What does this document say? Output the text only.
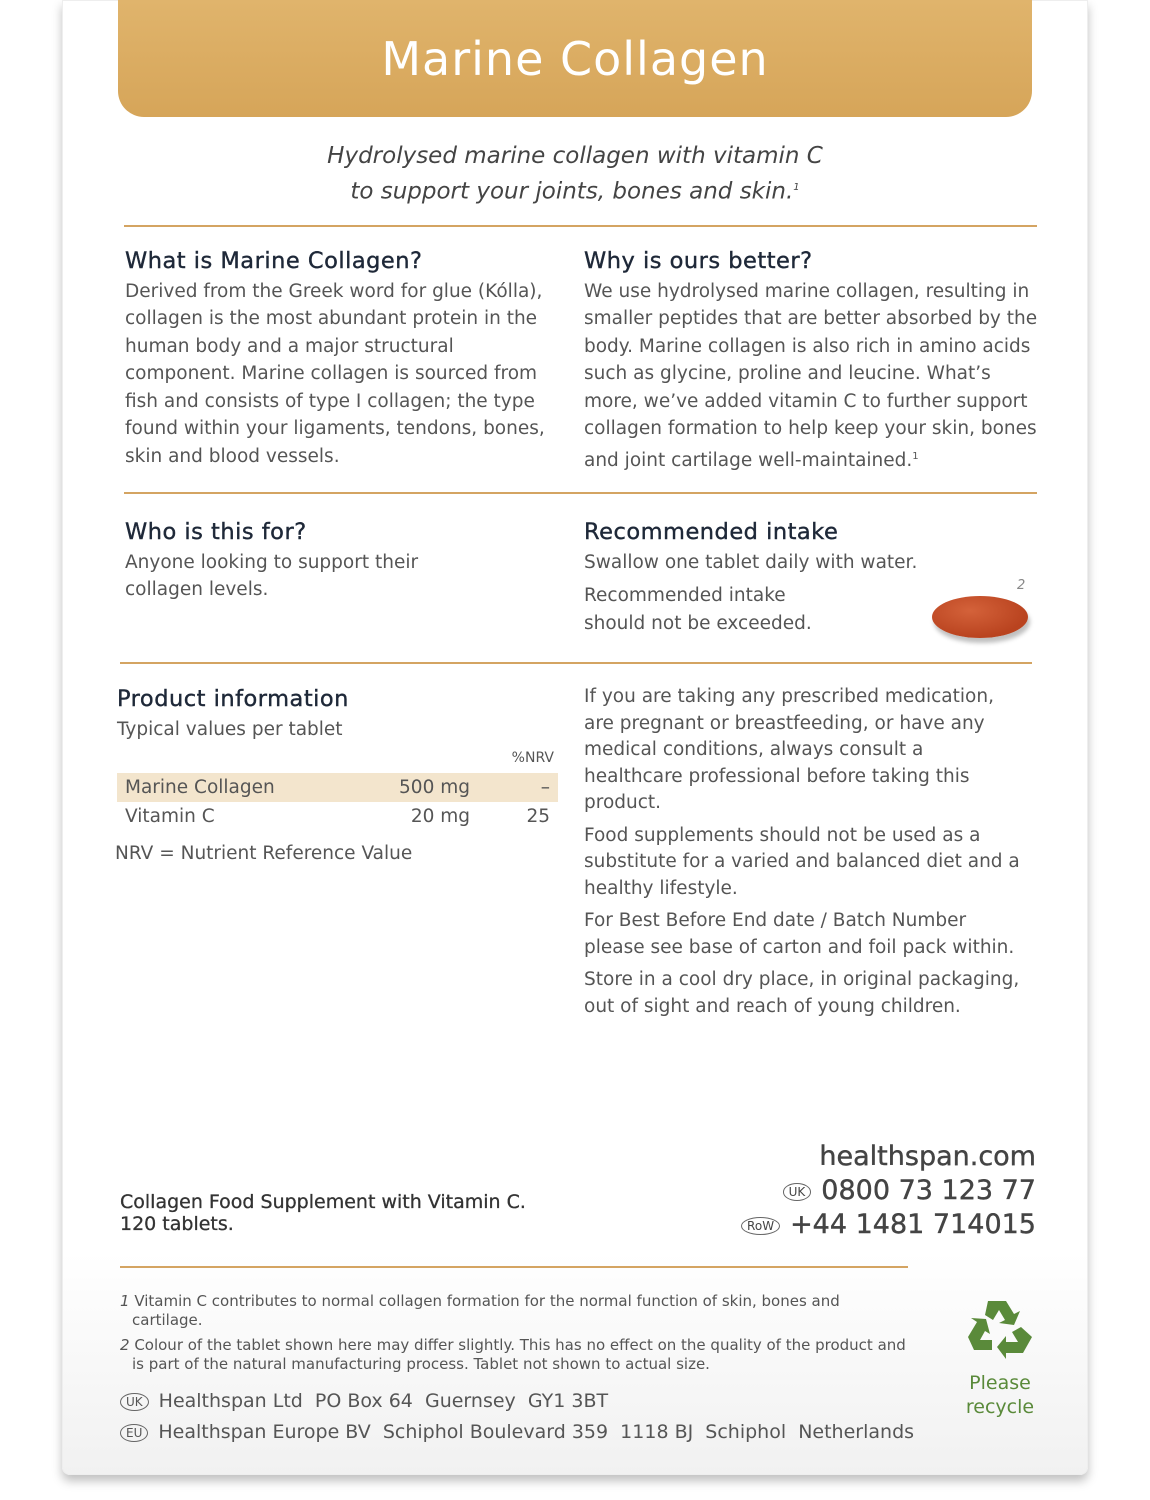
Marine Collagen
Hydrolysed marine collagen with vitamin C
to support your joints, bones and skin.$^1$
What is Marine Collagen?

Derived from the Greek word for glue (Kólla), collagen is the most abundant protein in the human body and a major structural component. Marine collagen is sourced from fish and consists of type I collagen; the type found within your ligaments, tendons, bones, skin and blood vessels.

Why is ours better?

We use hydrolysed marine collagen, resulting in smaller peptides that are better absorbed by the body. Marine collagen is also rich in amino acids such as glycine, proline and leucine. What’s more, we’ve added vitamin C to further support collagen formation to help keep your skin, bones and joint cartilage well-maintained.$^1$

Who is this for?

Anyone looking to support their collagen levels.

Recommended intake

Swallow one tablet daily with water.

Recommended intake should not be exceeded.

2
Product information
Typical values per tablet
%NRV
Marine Collagen	500 mg	–
Vitamin C	20 mg	25
NRV = Nutrient Reference Value

If you are taking any prescribed medication, are pregnant or breastfeeding, or have any medical conditions, always consult a healthcare professional before taking this product.

Food supplements should not be used as a substitute for a varied and balanced diet and a healthy lifestyle.

For Best Before End date / Batch Number please see base of carton and foil pack within.

Store in a cool dry place, in original packaging, out of sight and reach of young children.

Collagen Food Supplement with Vitamin C.
120 tablets.
healthspan.com
UK 0800 73 123 77
RoW +44 1481 714015

1 Vitamin C contributes to normal collagen formation for the normal function of skin, bones and cartilage.

2 Colour of the tablet shown here may differ slightly. This has no effect on the quality of the product and is part of the natural manufacturing process. Tablet not shown to actual size.

UK Healthspan Ltd  PO Box 64  Guernsey  GY1 3BT
EU Healthspan Europe BV  Schiphol Boulevard 359  1118 BJ  Schiphol  Netherlands
Please recycle
